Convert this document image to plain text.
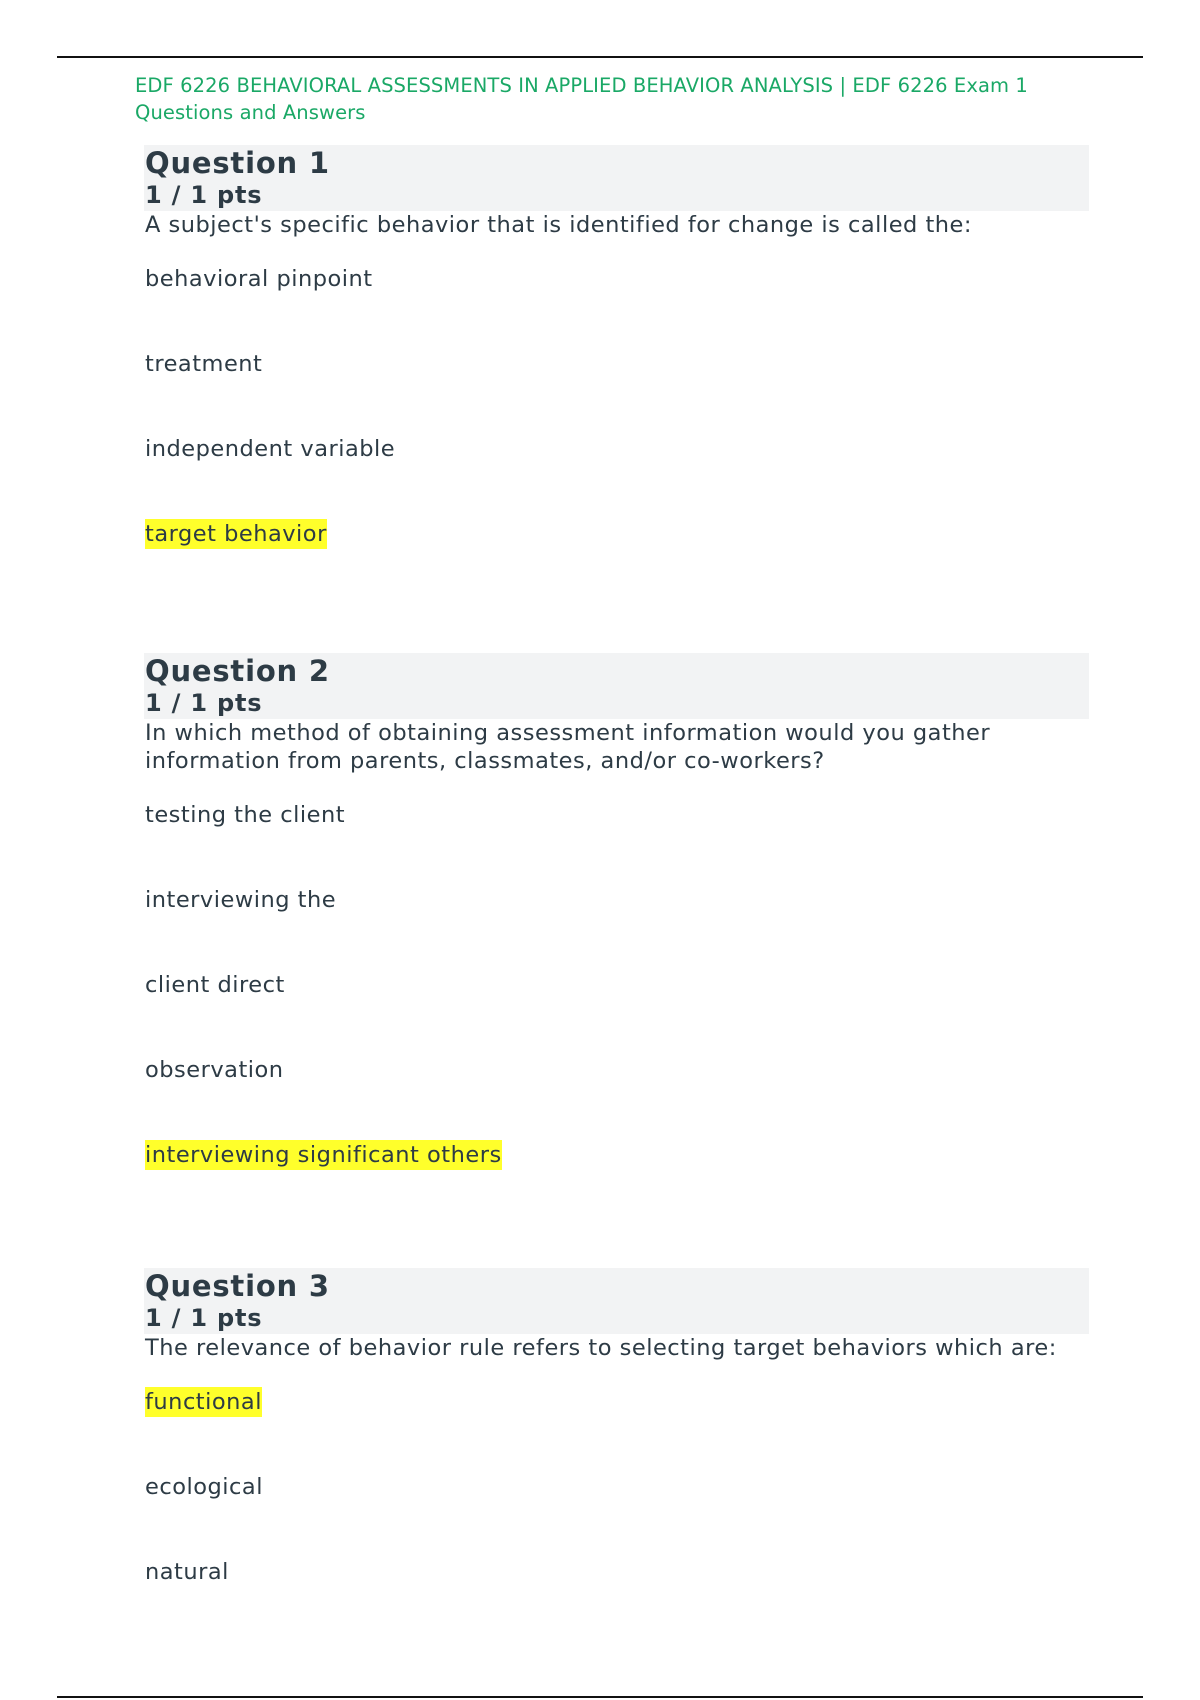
EDF 6226 BEHAVIORAL ASSESSMENTS IN APPLIED BEHAVIOR ANALYSIS | EDF 6226 Exam 1 Questions and Answers
Question 1
1 / 1 pts

A subject's specific behavior that is identified for change is called the:

behavioral pinpoint
treatment
independent variable
target behavior
Question 2
1 / 1 pts

In which method of obtaining assessment information would you gather information from parents, classmates, and/or co-workers?

testing the client
interviewing the
client direct
observation
interviewing significant others
Question 3
1 / 1 pts

The relevance of behavior rule refers to selecting target behaviors which are:

functional
ecological
natural
